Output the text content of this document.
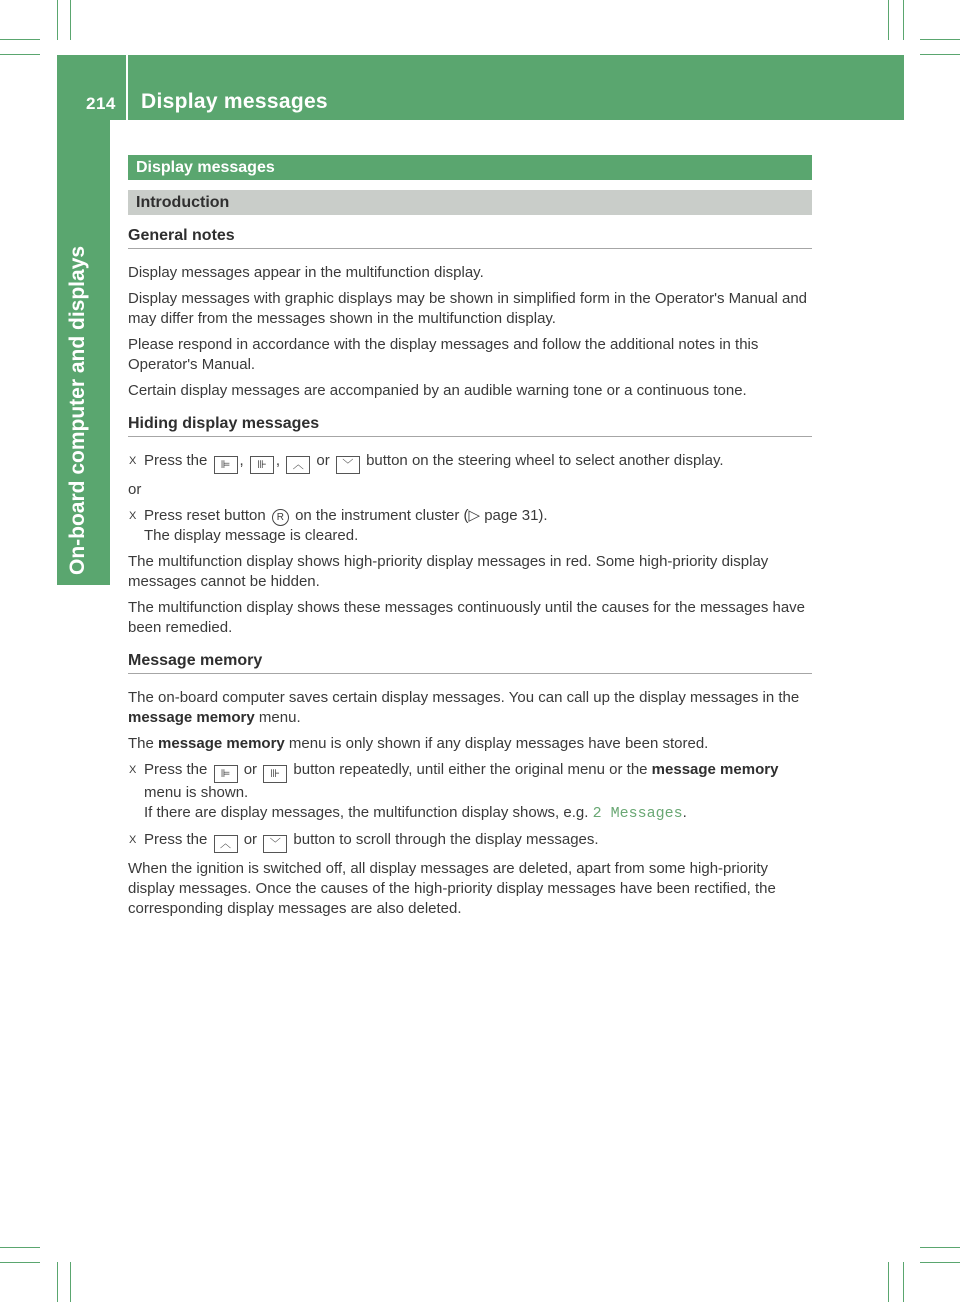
214 Display messages
On-board computer and displays
Display messages
Introduction
General notes

Display messages appear in the multifunction display.

Display messages with graphic displays may be shown in simplified form in the Operator's Manual and may differ from the messages shown in the multifunction display.

Please respond in accordance with the display messages and follow the additional notes in this Operator's Manual.

Certain display messages are accompanied by an audible warning tone or a continuous tone.

Hiding display messages
X Press the ⊫ , ⊪ , ︿ or ﹀ button on the steering wheel to select another display.

or

X Press reset button R on the instrument cluster (▷ page 31).
The display message is cleared.

The multifunction display shows high-priority display messages in red. Some high-priority display messages cannot be hidden.

The multifunction display shows these messages continuously until the causes for the messages have been remedied.

Message memory

The on-board computer saves certain display messages. You can call up the display messages in the message memory menu.

The message memory menu is only shown if any display messages have been stored.

X Press the ⊫ or ⊪ button repeatedly, until either the original menu or the message memory menu is shown.
If there are display messages, the multifunction display shows, e.g. 2 Messages.
X Press the ︿ or ﹀ button to scroll through the display messages.

When the ignition is switched off, all display messages are deleted, apart from some high-priority display messages. Once the causes of the high-priority display messages have been rectified, the corresponding display messages are also deleted.
